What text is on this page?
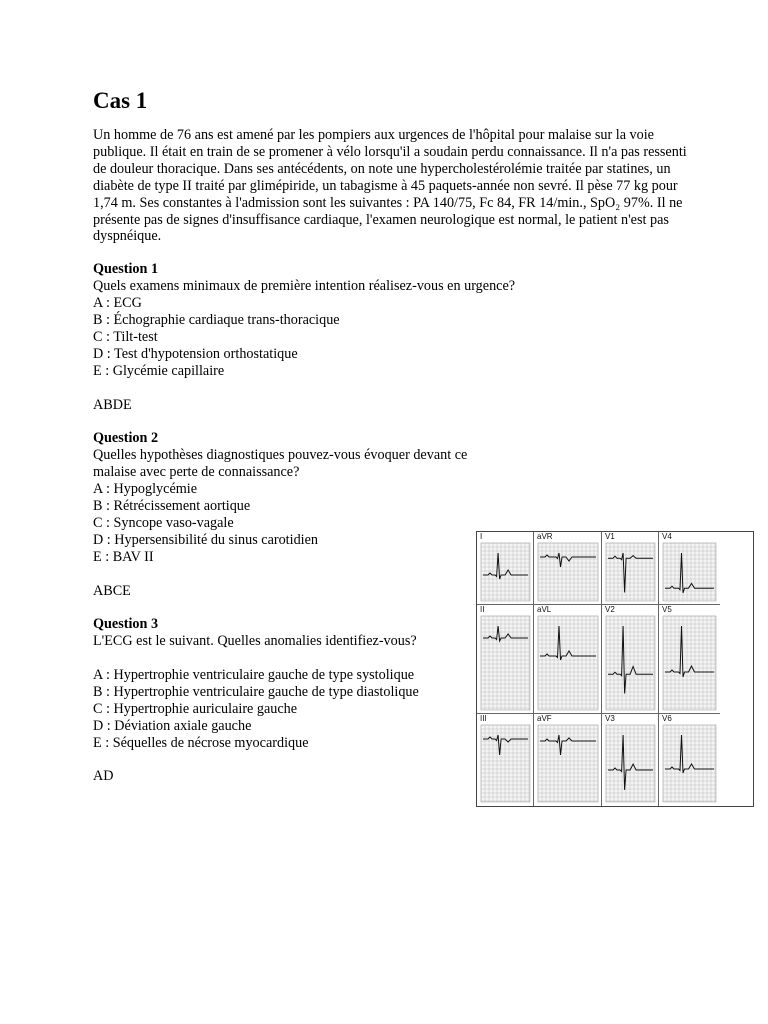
Cas 1

Un homme de 76 ans est amené par les pompiers aux urgences de l'hôpital pour malaise sur la voie publique. Il était en train de se promener à vélo lorsqu'il a soudain perdu connaissance. Il n'a pas ressenti de douleur thoracique. Dans ses antécédents, on note une hypercholestérolémie traitée par statines, un diabète de type II traité par glimépiride, un tabagisme à 45 paquets-année non sevré. Il pèse 77 kg pour 1,74 m. Ses constantes à l'admission sont les suivantes : PA 140/75, Fc 84, FR 14/min., SpO₂ 97%. Il ne présente pas de signes d'insuffisance cardiaque, l'examen neurologique est normal, le patient n'est pas dyspnéique.

Question 1

Quels examens minimaux de première intention réalisez-vous en urgence?

A : ECG

B : Échographie cardiaque trans-thoracique

C : Tilt-test

D : Test d'hypotension orthostatique

E : Glycémie capillaire

ABDE

Question 2

Quelles hypothèses diagnostiques pouvez-vous évoquer devant ce malaise avec perte de connaissance?

A : Hypoglycémie

B : Rétrécissement aortique

C : Syncope vaso-vagale

D : Hypersensibilité du sinus carotidien

E : BAV II

ABCE

Question 3

L'ECG est le suivant. Quelles anomalies identifiez-vous?

A : Hypertrophie ventriculaire gauche de type systolique

B : Hypertrophie ventriculaire gauche de type diastolique

C : Hypertrophie auriculaire gauche

D : Déviation axiale gauche

E : Séquelles de nécrose myocardique

AD

I	aVR	V1	V4
II	aVL	V2	V5
III	aVF	V3	V6
